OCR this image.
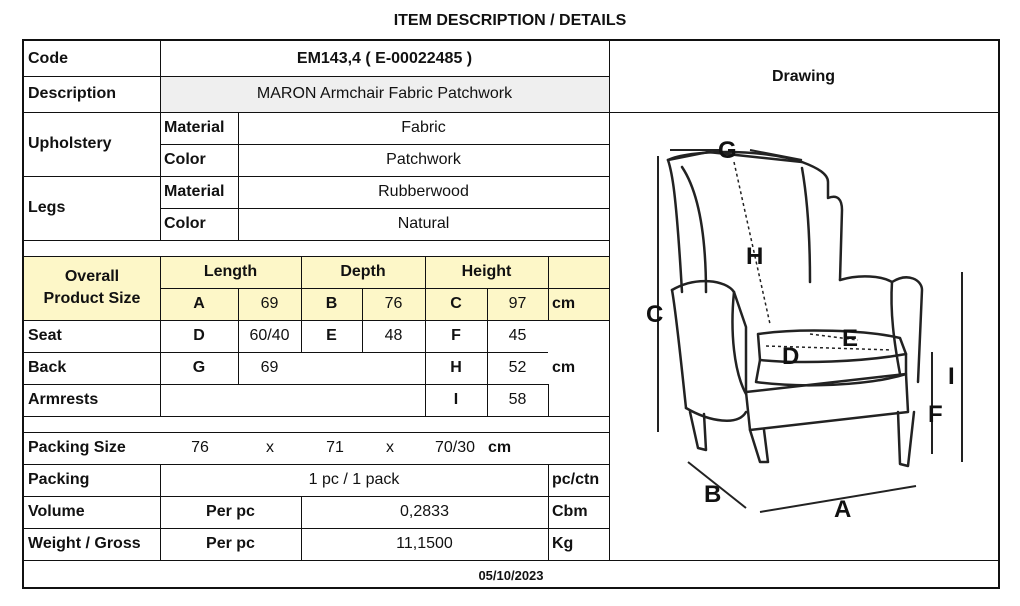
ITEM DESCRIPTION / DETAILS
Code	EM143,4 ( E-00022485 )
Drawing
Description	MARON Armchair Fabric Patchwork
Upholstery
Material	Fabric
Color	Patchwork
Legs
Material	Rubberwood
Color	Natural
Overall
Product Size
Length	Depth	Height
A	69	B	76	C	97	cm
Seat	D	60/40	E	48	F	45
Back	G	69	H	52	cm
Armrests	I	58
Packing Size	76	x	71	x	70/30 cm
Packing	1 pc / 1 pack	pc/ctn
Volume	Per pc	0,2833	Cbm
Weight / Gross	Per pc	11,1500	Kg
05/10/2023
G
H
C
E
D
I
F
B
A
